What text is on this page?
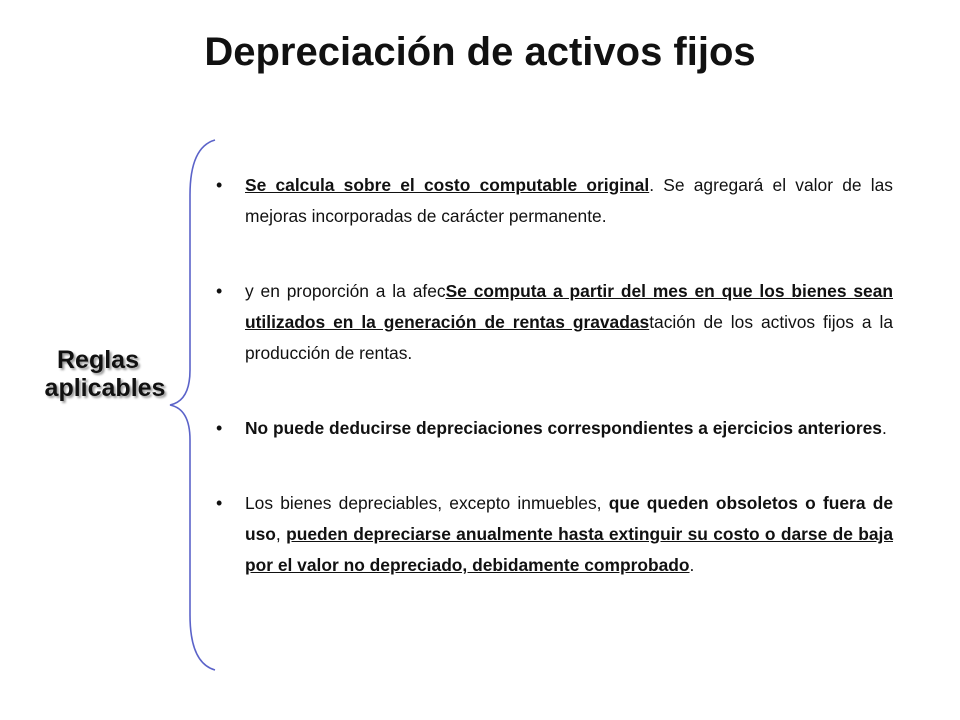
Depreciación de activos fijos
Reglas
aplicables
• Se calcula sobre el costo computable original. Se agregará el valor de las mejoras incorporadas de carácter permanente.
• y en proporción a la afecSe computa a partir del mes en que los bienes sean utilizados en la generación de rentas gravadastación de los activos fijos a la producción de rentas.
• No puede deducirse depreciaciones correspondientes a ejercicios anteriores.
• Los bienes depreciables, excepto inmuebles, que queden obsoletos o fuera de uso, pueden depreciarse anualmente hasta extinguir su costo o darse de baja por el valor no depreciado, debidamente comprobado.
